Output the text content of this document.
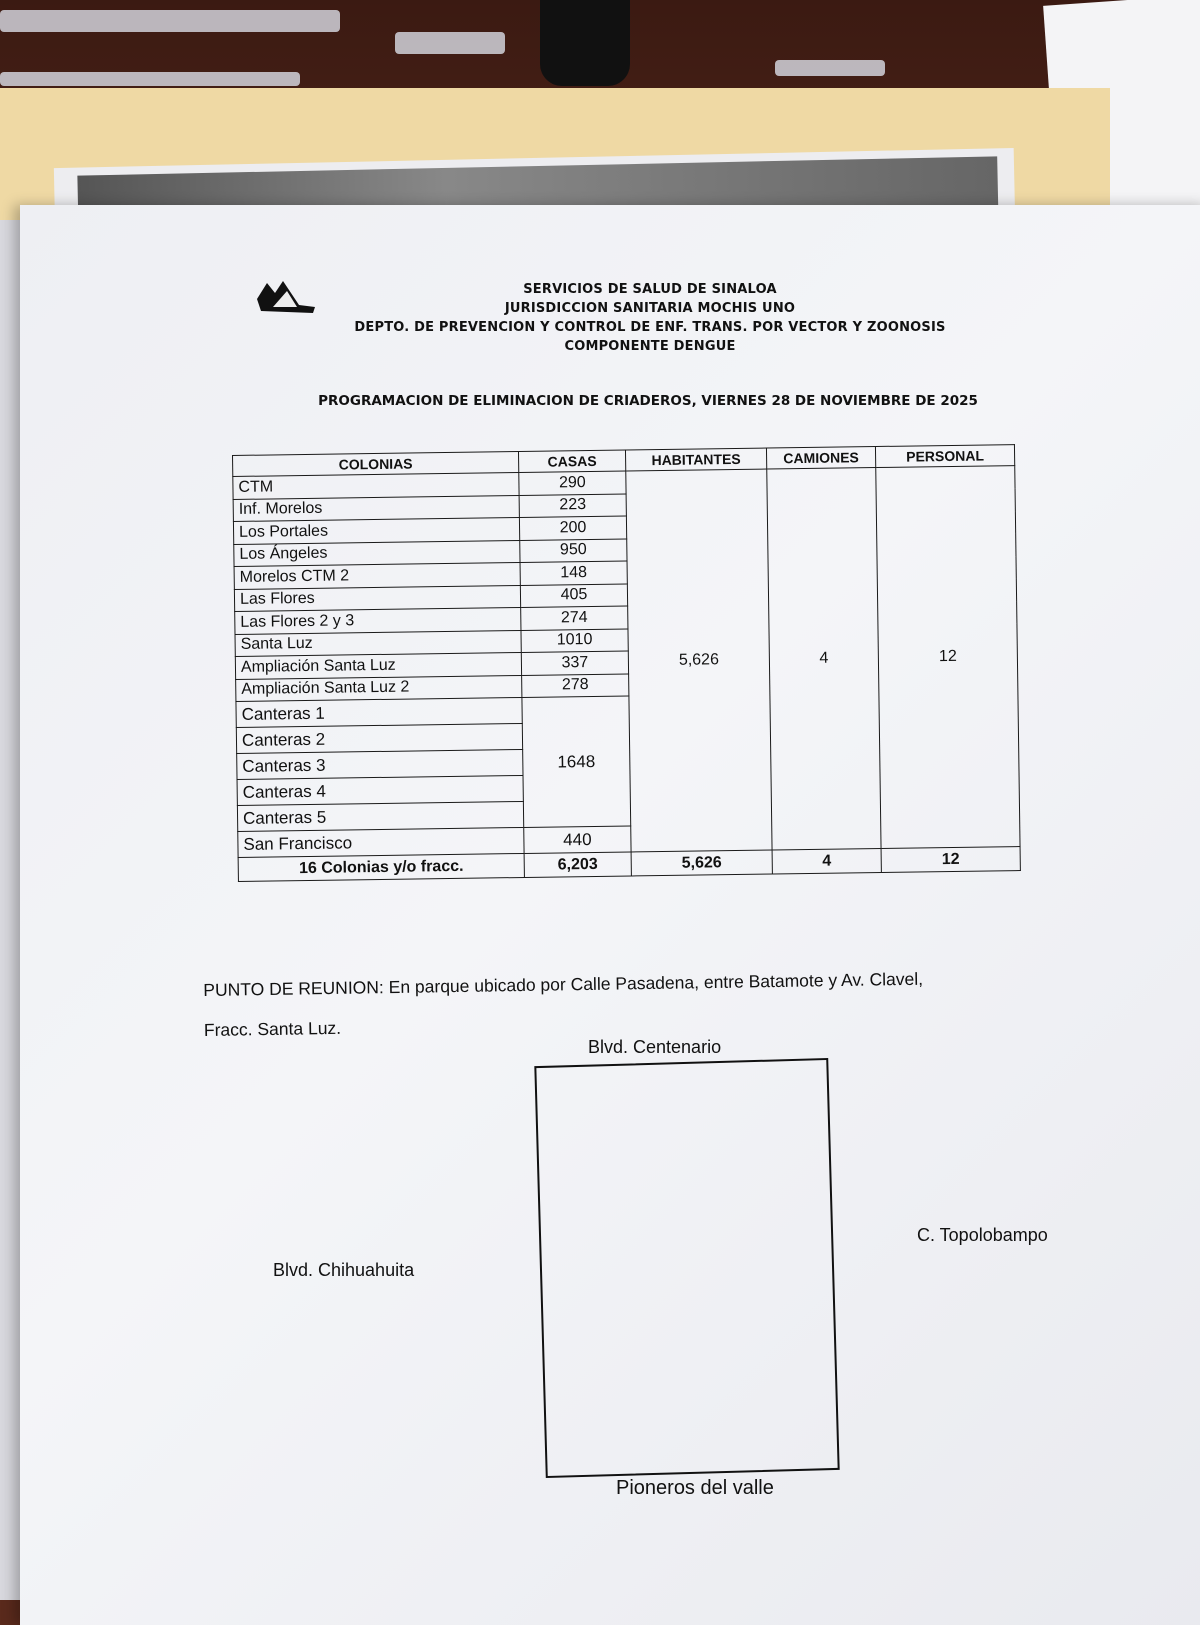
SERVICIOS DE SALUD DE SINALOA
JURISDICCION SANITARIA MOCHIS UNO
DEPTO. DE PREVENCION Y CONTROL DE ENF. TRANS. POR VECTOR Y ZOONOSIS
COMPONENTE DENGUE
PROGRAMACION DE ELIMINACION DE CRIADEROS, VIERNES 28 DE NOVIEMBRE DE 2025
COLONIAS	CASAS	HABITANTES	CAMIONES	PERSONAL
CTM	290	5,626	4	12
Inf. Morelos	223			
Los Portales	200			
Los Ángeles	950			
Morelos CTM 2	148			
Las Flores	405			
Las Flores 2 y 3	274			
Santa Luz	1010			
Ampliación Santa Luz	337			
Ampliación Santa Luz 2	278			
Canteras 1	1648			
Canteras 2				
Canteras 3				
Canteras 4				
Canteras 5				
San Francisco	440			
16 Colonias y/o fracc.	6,203	5,626	4	12
PUNTO DE REUNION: En parque ubicado por Calle Pasadena, entre Batamote y Av. Clavel,
Fracc. Santa Luz.
Blvd. Centenario
Blvd. Chihuahuita
C. Topolobampo
Pioneros del valle
